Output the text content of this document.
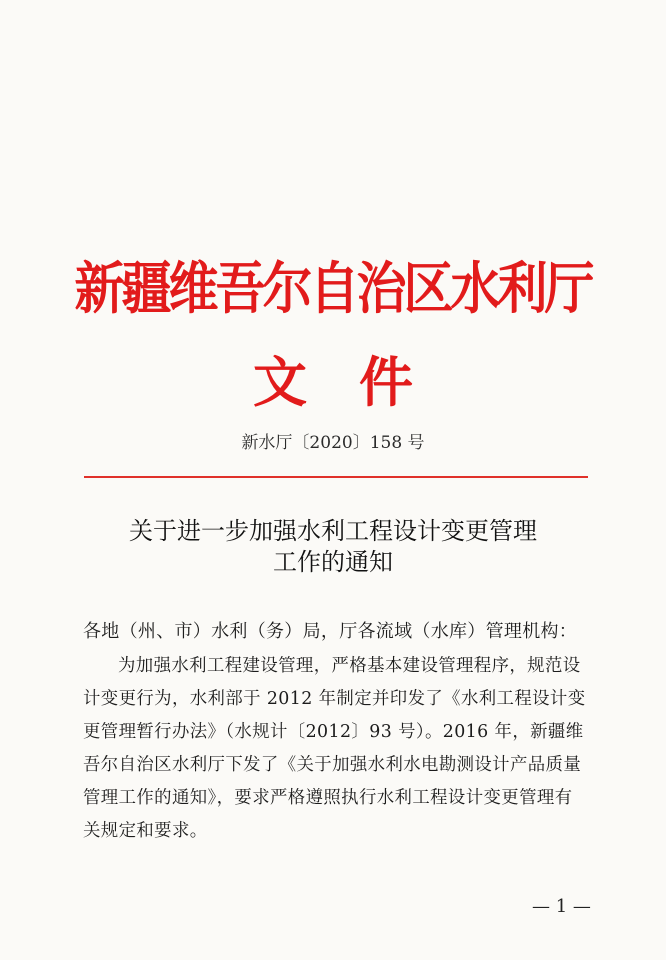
新疆维吾尔自治区水利厅
文件
新水厅〔2020〕158 号
关于进一步加强水利工程设计变更管理
工作的通知
各地（州、市）水利（务）局，厅各流域（水库）管理机构：
为加强水利工程建设管理，严格基本建设管理程序，规范设
计变更行为，水利部于 2012 年制定并印发了《水利工程设计变
更管理暂行办法》（水规计〔2012〕93 号）。2016 年，新疆维
吾尔自治区水利厅下发了《关于加强水利水电勘测设计产品质量
管理工作的通知》，要求严格遵照执行水利工程设计变更管理有
关规定和要求。
— 1 —
